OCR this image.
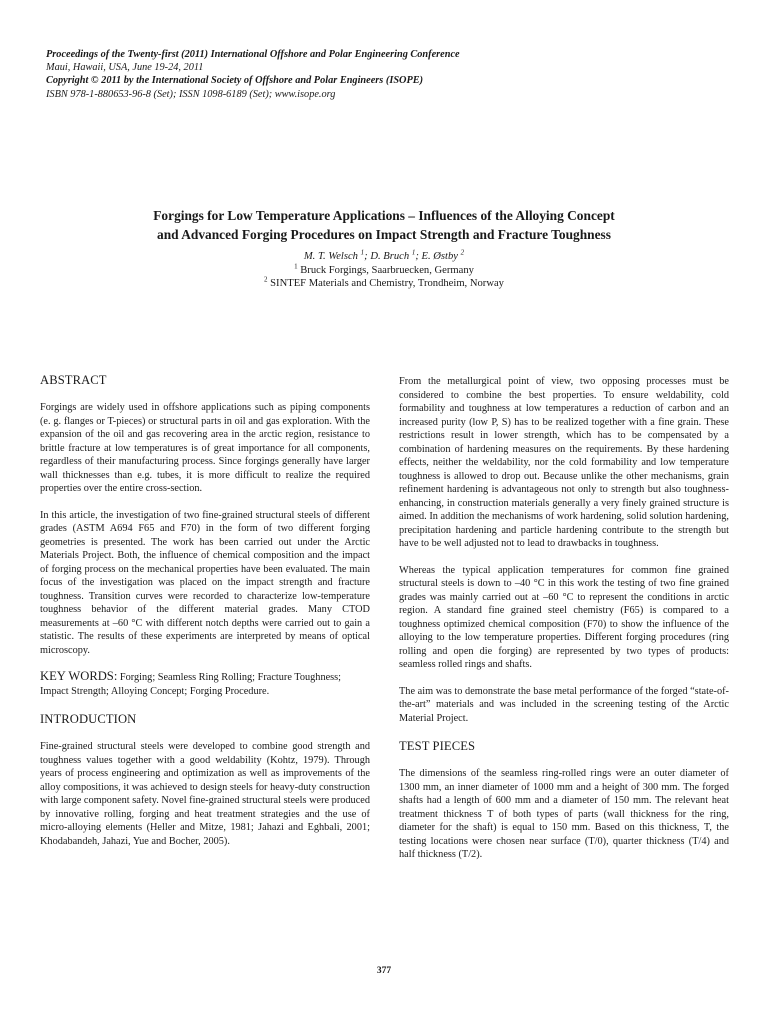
Proceedings of the Twenty-first (2011) International Offshore and Polar Engineering Conference
Maui, Hawaii, USA, June 19-24, 2011
Copyright © 2011 by the International Society of Offshore and Polar Engineers (ISOPE)
ISBN 978-1-880653-96-8 (Set); ISSN 1098-6189 (Set); www.isope.org
Forgings for Low Temperature Applications – Influences of the Alloying Concept
and Advanced Forging Procedures on Impact Strength and Fracture Toughness
M. T. Welsch $^1$; D. Bruch $^1$; E. Østby $^2$
$^1$ Bruck Forgings, Saarbruecken, Germany
$^2$ SINTEF Materials and Chemistry, Trondheim, Norway
ABSTRACT

Forgings are widely used in offshore applications such as piping components (e. g. flanges or T-pieces) or structural parts in oil and gas exploration. With the expansion of the oil and gas recovering area in the arctic region, resistance to brittle fracture at low temperatures is of great importance for all components, regardless of their manufacturing process. Since forgings generally have larger wall thicknesses than e.g. tubes, it is more difficult to realize the required properties over the entire cross-section.

In this article, the investigation of two fine-grained structural steels of different grades (ASTM A694 F65 and F70) in the form of two different forging geometries is presented. The work has been carried out under the Arctic Materials Project. Both, the influence of chemical composition and the impact of forging process on the mechanical properties have been evaluated. The main focus of the investigation was placed on the impact strength and fracture toughness. Transition curves were recorded to characterize low-temperature toughness behavior of the different material grades. Many CTOD measurements at –60 °C with different notch depths were carried out to gain a statistic. The results of these experiments are interpreted by means of optical microscopy.

KEY WORDS: Forging; Seamless Ring Rolling; Fracture Toughness; Impact Strength; Alloying Concept; Forging Procedure.
INTRODUCTION

Fine-grained structural steels were developed to combine good strength and toughness values together with a good weldability (Kohtz, 1979). Through years of process engineering and optimization as well as improvements of the alloy compositions, it was achieved to design steels for heavy-duty construction with large component safety. Novel fine-grained structural steels were produced by innovative rolling, forging and heat treatment strategies and the use of micro-alloying elements (Heller and Mitze, 1981; Jahazi and Eghbali, 2001; Khodabandeh, Jahazi, Yue and Bocher, 2005).

From the metallurgical point of view, two opposing processes must be considered to combine the best properties. To ensure weldability, cold formability and toughness at low temperatures a reduction of carbon and an increased purity (low P, S) has to be realized together with a fine grain. These restrictions result in lower strength, which has to be compensated by a combination of hardening measures on the requirements. By these hardening effects, neither the weldability, nor the cold formability and low temperature toughness is allowed to drop out. Because unlike the other mechanisms, grain refinement hardening is advantageous not only to strength but also toughness-enhancing, in construction materials generally a very finely grained structure is aimed. In addition the mechanisms of work hardening, solid solution hardening, precipitation hardening and particle hardening contribute to the strength but have to be well adjusted not to lead to drawbacks in toughness.

Whereas the typical application temperatures for common fine grained structural steels is down to –40 °C in this work the testing of two fine grained grades was mainly carried out at –60 °C to represent the conditions in arctic region. A standard fine grained steel chemistry (F65) is compared to a toughness optimized chemical composition (F70) to show the influence of the alloying to the low temperature properties. Different forging procedures (ring rolling and open die forging) are represented by two types of products: seamless rolled rings and shafts.

The aim was to demonstrate the base metal performance of the forged “state-of-the-art” materials and was included in the screening testing of the Arctic Material Project.

TEST PIECES

The dimensions of the seamless ring-rolled rings were an outer diameter of 1300 mm, an inner diameter of 1000 mm and a height of 300 mm. The forged shafts had a length of 600 mm and a diameter of 150 mm. The relevant heat treatment thickness T of both types of parts (wall thickness for the ring, diameter for the shaft) is equal to 150 mm. Based on this thickness, T, the testing locations were chosen near surface (T/0), quarter thickness (T/4) and half thickness (T/2).

377
